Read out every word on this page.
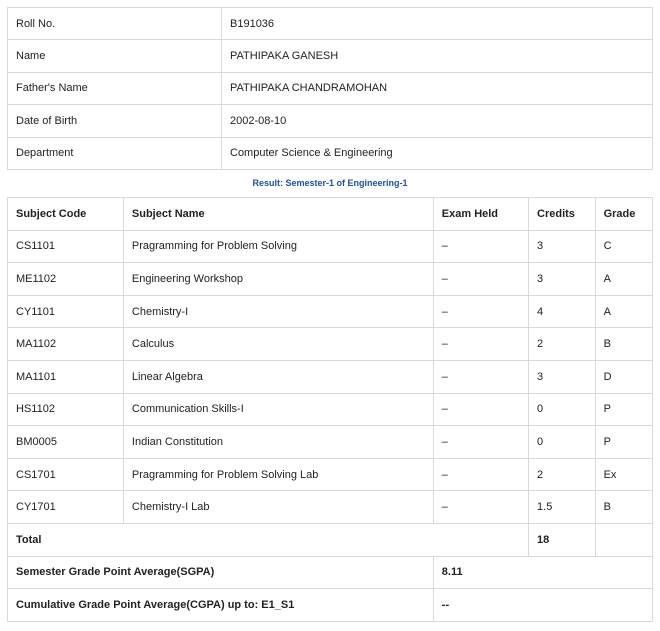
Roll No.	B191036
Name	PATHIPAKA GANESH
Father's Name	PATHIPAKA CHANDRAMOHAN
Date of Birth	2002-08-10
Department	Computer Science & Engineering
Result: Semester-1 of Engineering-1
Subject Code	Subject Name	Exam Held	Credits	Grade
CS1101	Pragramming for Problem Solving	–	3	C
ME1102	Engineering Workshop	–	3	A
CY1101	Chemistry-I	–	4	A
MA1102	Calculus	–	2	B
MA1101	Linear Algebra	–	3	D
HS1102	Communication Skills-I	–	0	P
BM0005	Indian Constitution	–	0	P
CS1701	Pragramming for Problem Solving Lab	–	2	Ex
CY1701	Chemistry-I Lab	–	1.5	B
Total			18	
Semester Grade Point Average(SGPA)		8.11		
Cumulative Grade Point Average(CGPA) up to: E1_S1		--		
